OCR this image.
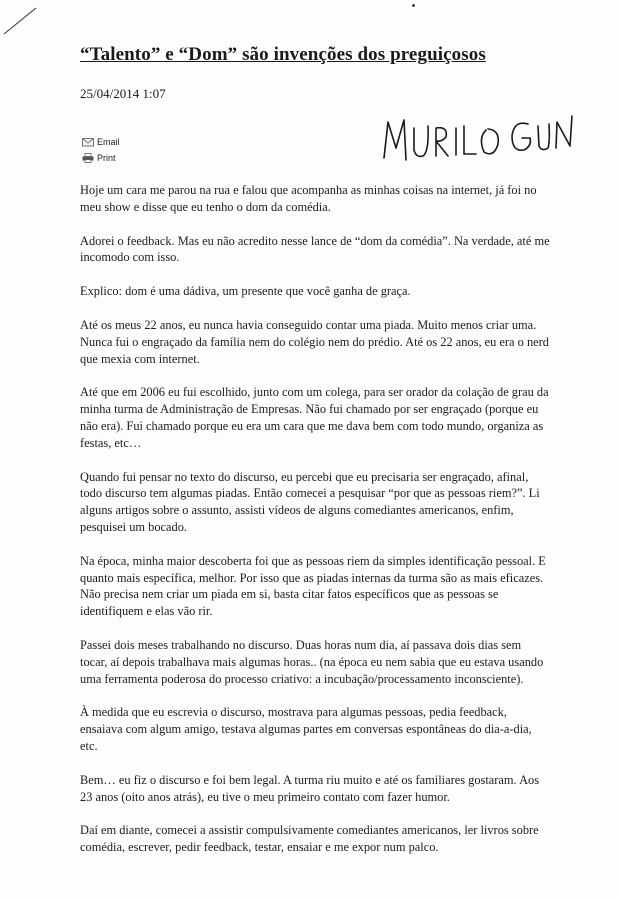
“Talento” e “Dom” são invenções dos preguiçosos
25/04/2014 1:07
Email
Print

Hoje um cara me parou na rua e falou que acompanha as minhas coisas na internet, já foi no meu show e disse que eu tenho o dom da comédia.

Adorei o feedback. Mas eu não acredito nesse lance de “dom da comédia”. Na verdade, até me incomodo com isso.

Explico: dom é uma dádiva, um presente que você ganha de graça.

Até os meus 22 anos, eu nunca havia conseguido contar uma piada. Muito menos criar uma. Nunca fui o engraçado da família nem do colégio nem do prédio. Até os 22 anos, eu era o nerd que mexia com internet.

Até que em 2006 eu fui escolhido, junto com um colega, para ser orador da colação de grau da minha turma de Administração de Empresas. Não fui chamado por ser engraçado (porque eu não era). Fui chamado porque eu era um cara que me dava bem com todo mundo, organiza as festas, etc…

Quando fui pensar no texto do discurso, eu percebi que eu precisaria ser engraçado, afinal, todo discurso tem algumas piadas. Então comecei a pesquisar “por que as pessoas riem?”. Li alguns artigos sobre o assunto, assisti vídeos de alguns comediantes americanos, enfim, pesquisei um bocado.

Na época, minha maior descoberta foi que as pessoas riem da simples identificação pessoal. E quanto mais específica, melhor. Por isso que as piadas internas da turma são as mais eficazes. Não precisa nem criar um piada em si, basta citar fatos específicos que as pessoas se identifiquem e elas vão rir.

Passei dois meses trabalhando no discurso. Duas horas num dia, aí passava dois dias sem tocar, aí depois trabalhava mais algumas horas.. (na época eu nem sabia que eu estava usando uma ferramenta poderosa do processo criativo: a incubação/processamento inconsciente).

À medida que eu escrevia o discurso, mostrava para algumas pessoas, pedia feedback, ensaiava com algum amigo, testava algumas partes em conversas espontâneas do dia-a-dia, etc.

Bem… eu fiz o discurso e foi bem legal. A turma riu muito e até os familiares gostaram. Aos 23 anos (oito anos atrás), eu tive o meu primeiro contato com fazer humor.

Daí em diante, comecei a assistir compulsivamente comediantes americanos, ler livros sobre comédia, escrever, pedir feedback, testar, ensaiar e me expor num palco.
